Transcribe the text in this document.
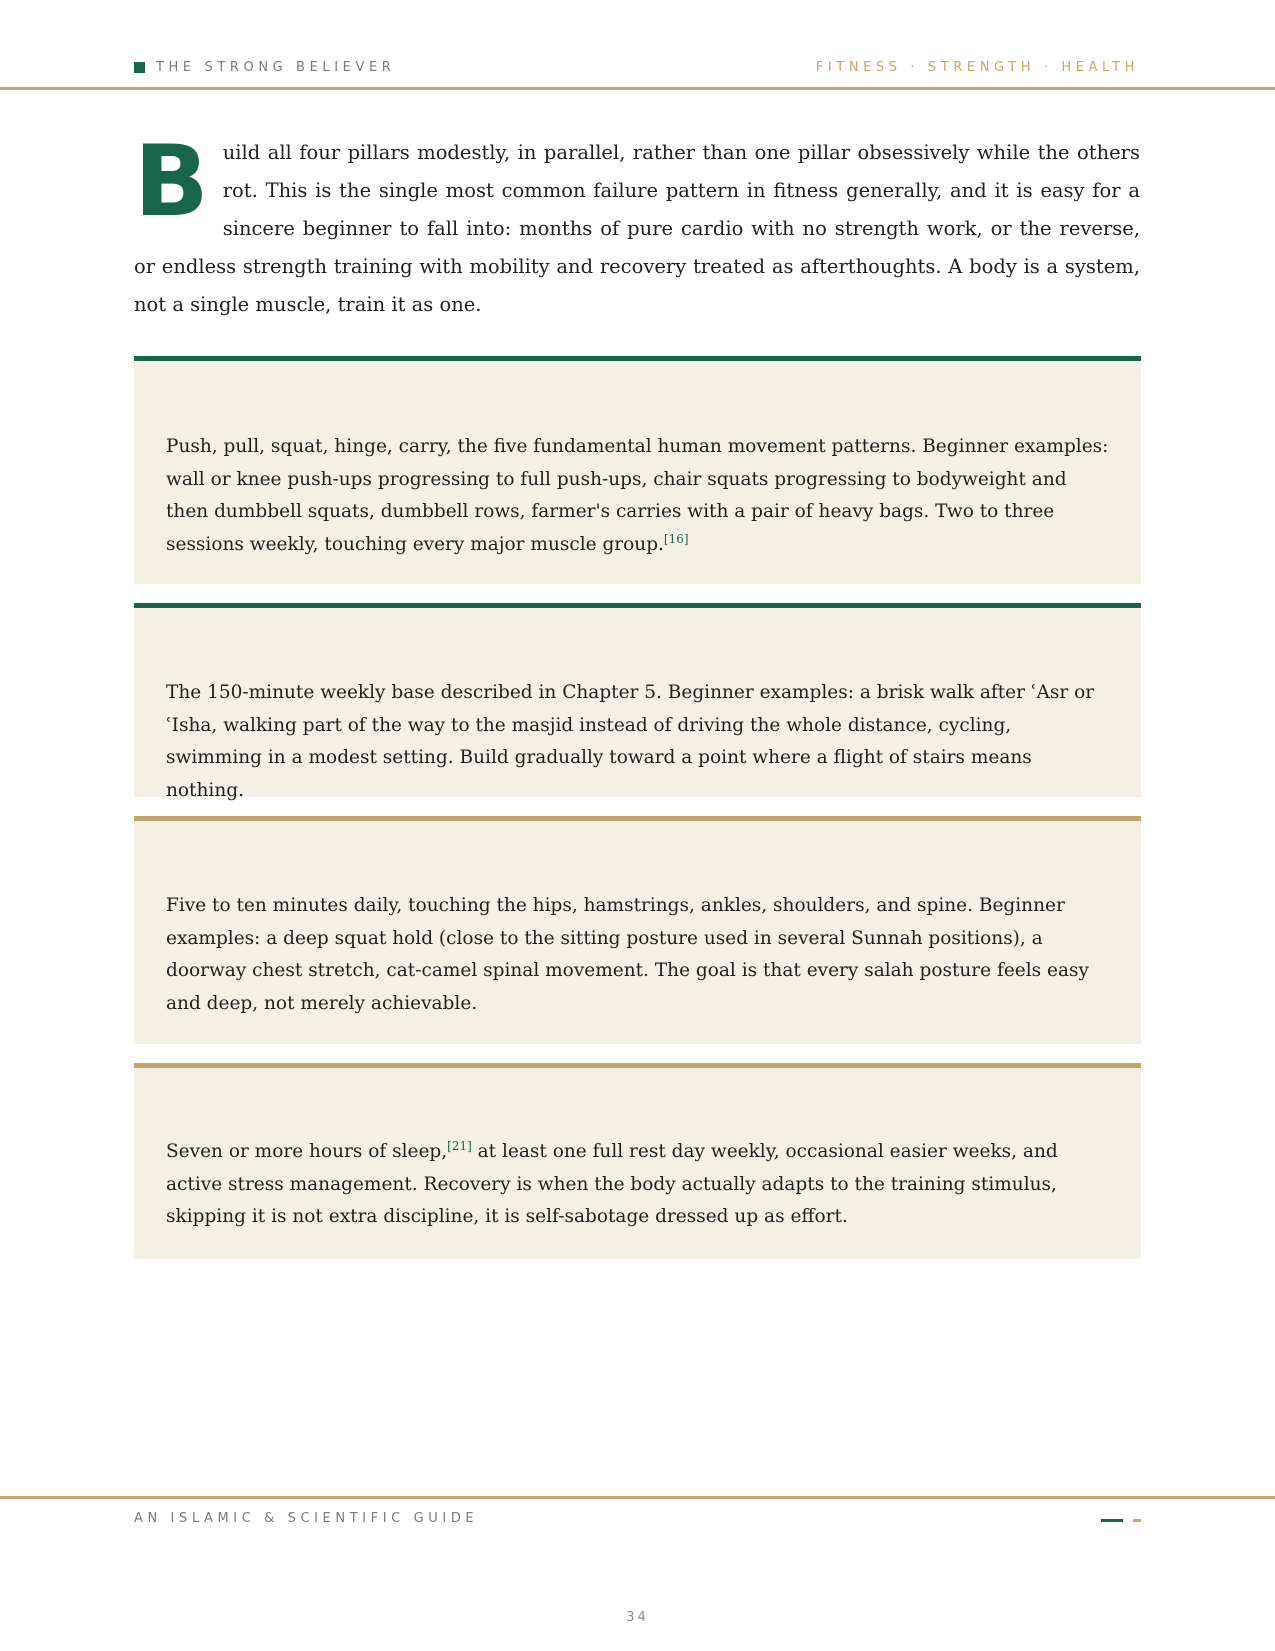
THE STRONG BELIEVER	FITNESS · STRENGTH · HEALTH

Build all four pillars modestly, in parallel, rather than one pillar obsessively while the others rot. This is the single most common failure pattern in fitness generally, and it is easy for a sincere beginner to fall into: months of pure cardio with no strength work, or the reverse, or endless strength training with mobility and recovery treated as afterthoughts. A body is a system, not a single muscle, train it as one.

Push, pull, squat, hinge, carry, the five fundamental human movement patterns. Beginner examples: wall or knee push-ups progressing to full push-ups, chair squats progressing to bodyweight and then dumbbell squats, dumbbell rows, farmer's carries with a pair of heavy bags. Two to three sessions weekly, touching every major muscle group.[16]

The 150-minute weekly base described in Chapter 5. Beginner examples: a brisk walk after ʿAsr or ʿIsha, walking part of the way to the masjid instead of driving the whole distance, cycling, swimming in a modest setting. Build gradually toward a point where a flight of stairs means nothing.

Five to ten minutes daily, touching the hips, hamstrings, ankles, shoulders, and spine. Beginner examples: a deep squat hold (close to the sitting posture used in several Sunnah positions), a doorway chest stretch, cat-camel spinal movement. The goal is that every salah posture feels easy and deep, not merely achievable.

Seven or more hours of sleep,[21] at least one full rest day weekly, occasional easier weeks, and active stress management. Recovery is when the body actually adapts to the training stimulus, skipping it is not extra discipline, it is self-sabotage dressed up as effort.

AN ISLAMIC & SCIENTIFIC GUIDE
34
